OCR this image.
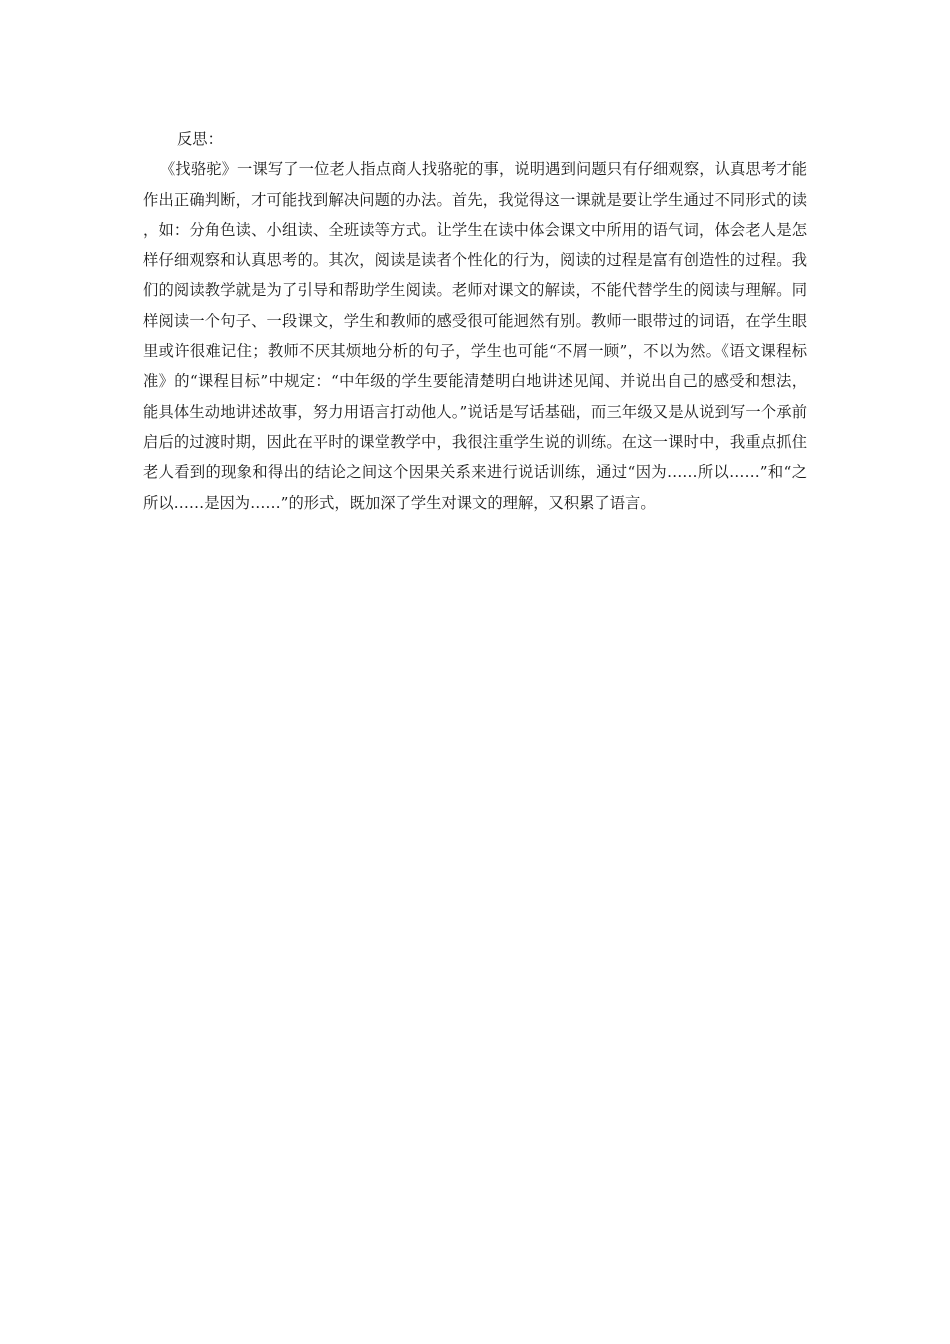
反思：

《找骆驼》一课写了一位老人指点商人找骆驼的事，说明遇到问题只有仔细观察，认真思考才能作出正确判断，才可能找到解决问题的办法。首先，我觉得这一课就是要让学生通过不同形式的读，如：分角色读、小组读、全班读等方式。让学生在读中体会课文中所用的语气词，体会老人是怎样仔细观察和认真思考的。其次，阅读是读者个性化的行为，阅读的过程是富有创造性的过程。我们的阅读教学就是为了引导和帮助学生阅读。老师对课文的解读，不能代替学生的阅读与理解。同样阅读一个句子、一段课文，学生和教师的感受很可能迥然有别。教师一眼带过的词语，在学生眼里或许很难记住；教师不厌其烦地分析的句子，学生也可能“不屑一顾”，不以为然。《语文课程标准》的“课程目标”中规定：“中年级的学生要能清楚明白地讲述见闻、并说出自己的感受和想法，能具体生动地讲述故事，努力用语言打动他人。”说话是写话基础，而三年级又是从说到写一个承前启后的过渡时期，因此在平时的课堂教学中，我很注重学生说的训练。在这一课时中，我重点抓住老人看到的现象和得出的结论之间这个因果关系来进行说话训练，通过“因为……所以……”和“之所以……是因为……”的形式，既加深了学生对课文的理解，又积累了语言。
